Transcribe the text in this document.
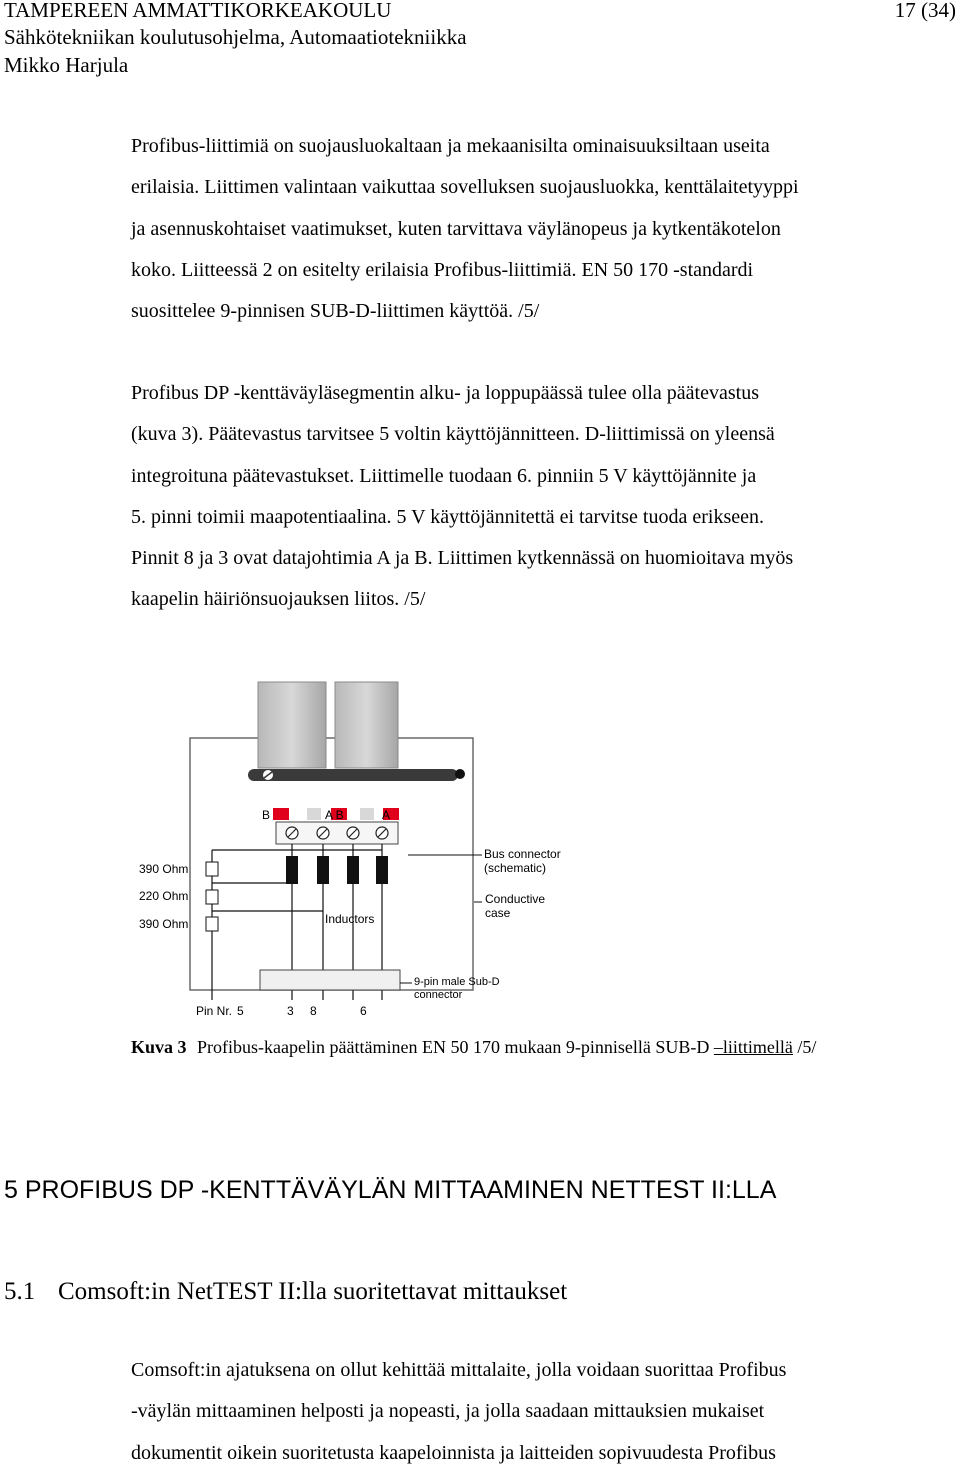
TAMPEREEN AMMATTIKORKEAKOULU	17 (34)
Sähkötekniikan koulutusohjelma, Automaatiotekniikka
Mikko Harjula
Profibus-liittimiä on suojausluokaltaan ja mekaanisilta ominaisuuksiltaan useita
erilaisia. Liittimen valintaan vaikuttaa sovelluksen suojausluokka, kenttälaitetyyppi
ja asennuskohtaiset vaatimukset, kuten tarvittava väylänopeus ja kytkentäkotelon
koko. Liitteessä 2 on esitelty erilaisia Profibus-liittimiä. EN 50 170 -standardi
suosittelee 9-pinnisen SUB-D-liittimen käyttöä. /5/
Profibus DP -kenttäväyläsegmentin alku- ja loppupäässä tulee olla päätevastus
(kuva 3). Päätevastus tarvitsee 5 voltin käyttöjännitteen. D-liittimissä on yleensä
integroituna päätevastukset. Liittimelle tuodaan 6. pinniin 5 V käyttöjännite ja
5. pinni toimii maapotentiaalina. 5 V käyttöjännitettä ei tarvitse tuoda erikseen.
Pinnit 8 ja 3 ovat datajohtimia A ja B. Liittimen kytkennässä on huomioitava myös
kaapelin häiriönsuojauksen liitos. /5/
B	A B	A
390 Ohm
220 Ohm
390 Ohm	Inductors
Bus connector
(schematic)
Conductive
case
9-pin male Sub-D
connector
Pin Nr. 5	3 8	6
Kuva 3 Profibus-kaapelin päättäminen EN 50 170 mukaan 9-pinnisellä SUB-D –liittimellä /5/
5 PROFIBUS DP -KENTTÄVÄYLÄN MITTAAMINEN NETTEST II:LLA
5.1 Comsoft:in NetTEST II:lla suoritettavat mittaukset
Comsoft:in ajatuksena on ollut kehittää mittalaite, jolla voidaan suorittaa Profibus
-väylän mittaaminen helposti ja nopeasti, ja jolla saadaan mittauksien mukaiset
dokumentit oikein suoritetusta kaapeloinnista ja laitteiden sopivuudesta Profibus
